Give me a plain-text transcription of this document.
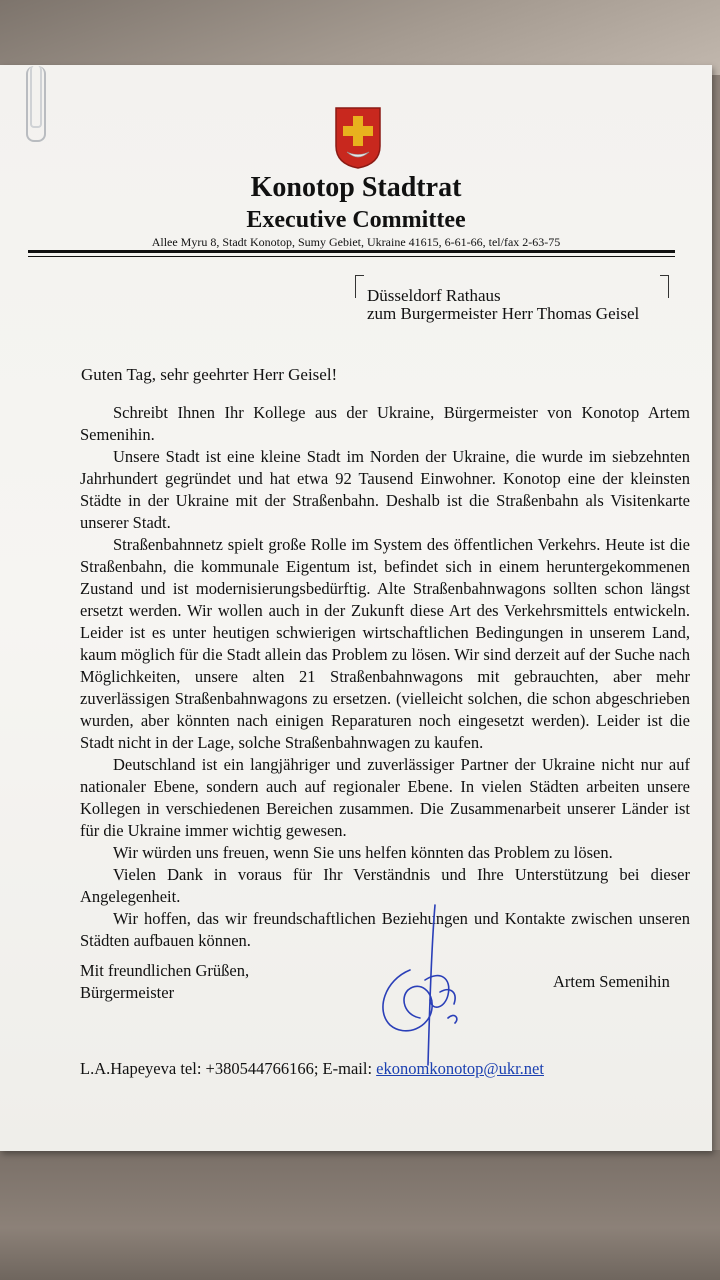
Konotop Stadtrat
Executive Committee
Allee Myru 8, Stadt Konotop, Sumy Gebiet, Ukraine 41615, 6-61-66, tel/fax 2-63-75
Düsseldorf Rathaus
zum Burgermeister Herr Thomas Geisel
Guten Tag, sehr geehrter Herr Geisel!

Schreibt Ihnen Ihr Kollege aus der Ukraine, Bürgermeister von Konotop Artem Semenihin.

Unsere Stadt ist eine kleine Stadt im Norden der Ukraine, die wurde im siebzehnten Jahrhundert gegründet und hat etwa 92 Tausend Einwohner. Konotop eine der kleinsten Städte in der Ukraine mit der Straßenbahn. Deshalb ist die Straßenbahn als Visitenkarte unserer Stadt.

Straßenbahnnetz spielt große Rolle im System des öffentlichen Verkehrs. Heute ist die Straßenbahn, die kommunale Eigentum ist, befindet sich in einem heruntergekommenen Zustand und ist modernisierungsbedürftig. Alte Straßenbahnwagons sollten schon längst ersetzt werden. Wir wollen auch in der Zukunft diese Art des Verkehrsmittels entwickeln. Leider ist es unter heutigen schwierigen wirtschaftlichen Bedingungen in unserem Land, kaum möglich für die Stadt allein das Problem zu lösen. Wir sind derzeit auf der Suche nach Möglichkeiten, unsere alten 21 Straßenbahnwagons mit gebrauchten, aber mehr zuverlässigen Straßenbahnwagons zu ersetzen. (vielleicht solchen, die schon abgeschrieben wurden, aber könnten nach einigen Reparaturen noch eingesetzt werden). Leider ist die Stadt nicht in der Lage, solche Straßenbahnwagen zu kaufen.

Deutschland ist ein langjähriger und zuverlässiger Partner der Ukraine nicht nur auf nationaler Ebene, sondern auch auf regionaler Ebene. In vielen Städten arbeiten unsere Kollegen in verschiedenen Bereichen zusammen. Die Zusammenarbeit unserer Länder ist für die Ukraine immer wichtig gewesen.

Wir würden uns freuen, wenn Sie uns helfen könnten das Problem zu lösen.

Vielen Dank in voraus für Ihr Verständnis und Ihre Unterstützung bei dieser Angelegenheit.

Wir hoffen, das wir freundschaftlichen Beziehungen und Kontakte zwischen unseren Städten aufbauen können.

Mit freundlichen Grüßen,
Bürgermeister
Artem Semenihin
L.A.Hapeyeva tel: +380544766166; E-mail: ekonomkonotop@ukr.net
